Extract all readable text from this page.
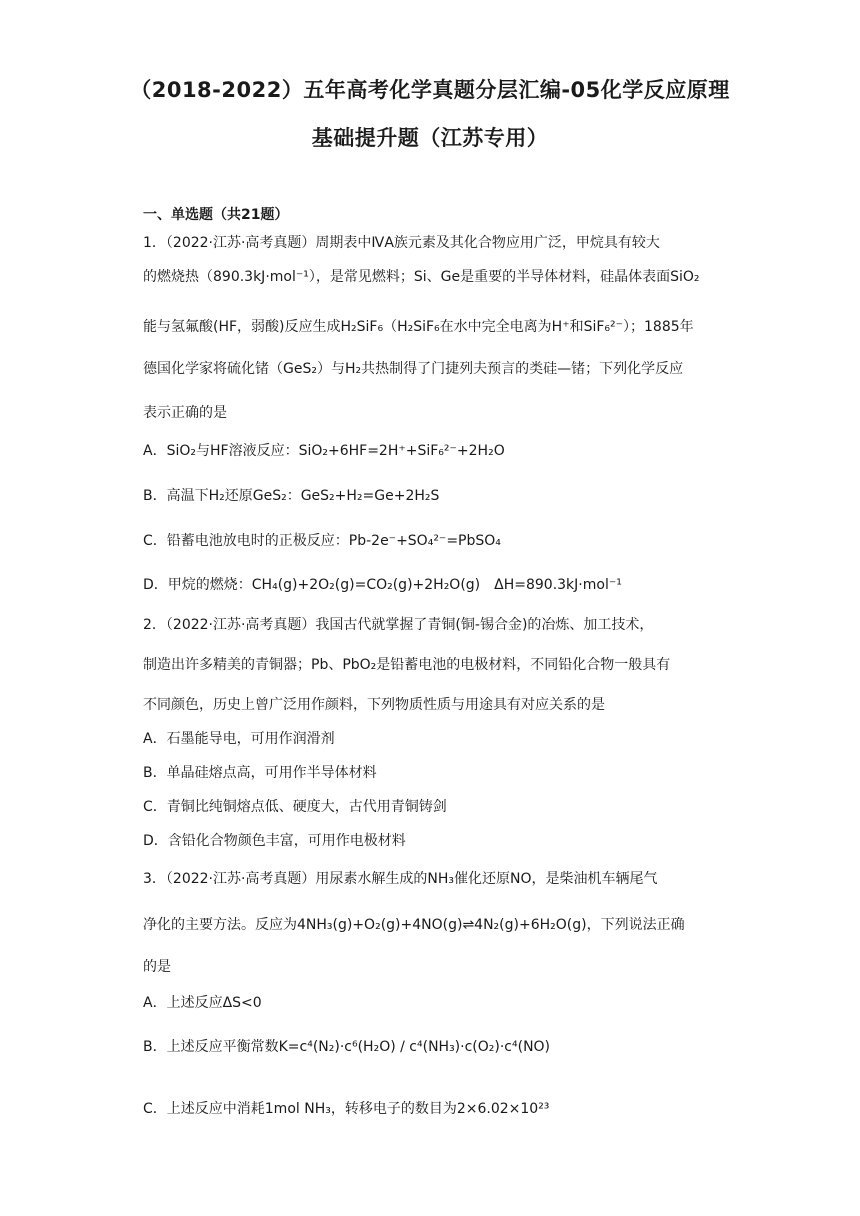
（2018-2022）五年高考化学真题分层汇编-05化学反应原理
基础提升题（江苏专用）
一、单选题（共21题）
1．（2022·江苏·高考真题）周期表中ⅣA族元素及其化合物应用广泛，甲烷具有较大
的燃烧热（890.3kJ·mol⁻¹），是常见燃料；Si、Ge是重要的半导体材料，硅晶体表面SiO₂
能与氢氟酸(HF，弱酸)反应生成H₂SiF₆（H₂SiF₆在水中完全电离为H⁺和SiF₆²⁻）；1885年
德国化学家将硫化锗（GeS₂）与H₂共热制得了门捷列夫预言的类硅—锗；下列化学反应
表示正确的是
A．SiO₂与HF溶液反应：SiO₂+6HF=2H⁺+SiF₆²⁻+2H₂O
B．高温下H₂还原GeS₂：GeS₂+H₂=Ge+2H₂S
C．铅蓄电池放电时的正极反应：Pb-2e⁻+SO₄²⁻=PbSO₄
D．甲烷的燃烧：CH₄(g)+2O₂(g)=CO₂(g)+2H₂O(g)　ΔH=890.3kJ·mol⁻¹
2．（2022·江苏·高考真题）我国古代就掌握了青铜(铜-锡合金)的冶炼、加工技术，
制造出许多精美的青铜器；Pb、PbO₂是铅蓄电池的电极材料，不同铅化合物一般具有
不同颜色，历史上曾广泛用作颜料，下列物质性质与用途具有对应关系的是
A．石墨能导电，可用作润滑剂
B．单晶硅熔点高，可用作半导体材料
C．青铜比纯铜熔点低、硬度大，古代用青铜铸剑
D．含铅化合物颜色丰富，可用作电极材料
3．（2022·江苏·高考真题）用尿素水解生成的NH₃催化还原NO，是柴油机车辆尾气
净化的主要方法。反应为4NH₃(g)+O₂(g)+4NO(g)⇌4N₂(g)+6H₂O(g)，下列说法正确
的是
A．上述反应ΔS<0
B．上述反应平衡常数K=c⁴(N₂)·c⁶(H₂O) / c⁴(NH₃)·c(O₂)·c⁴(NO)
C．上述反应中消耗1mol NH₃，转移电子的数目为2×6.02×10²³
